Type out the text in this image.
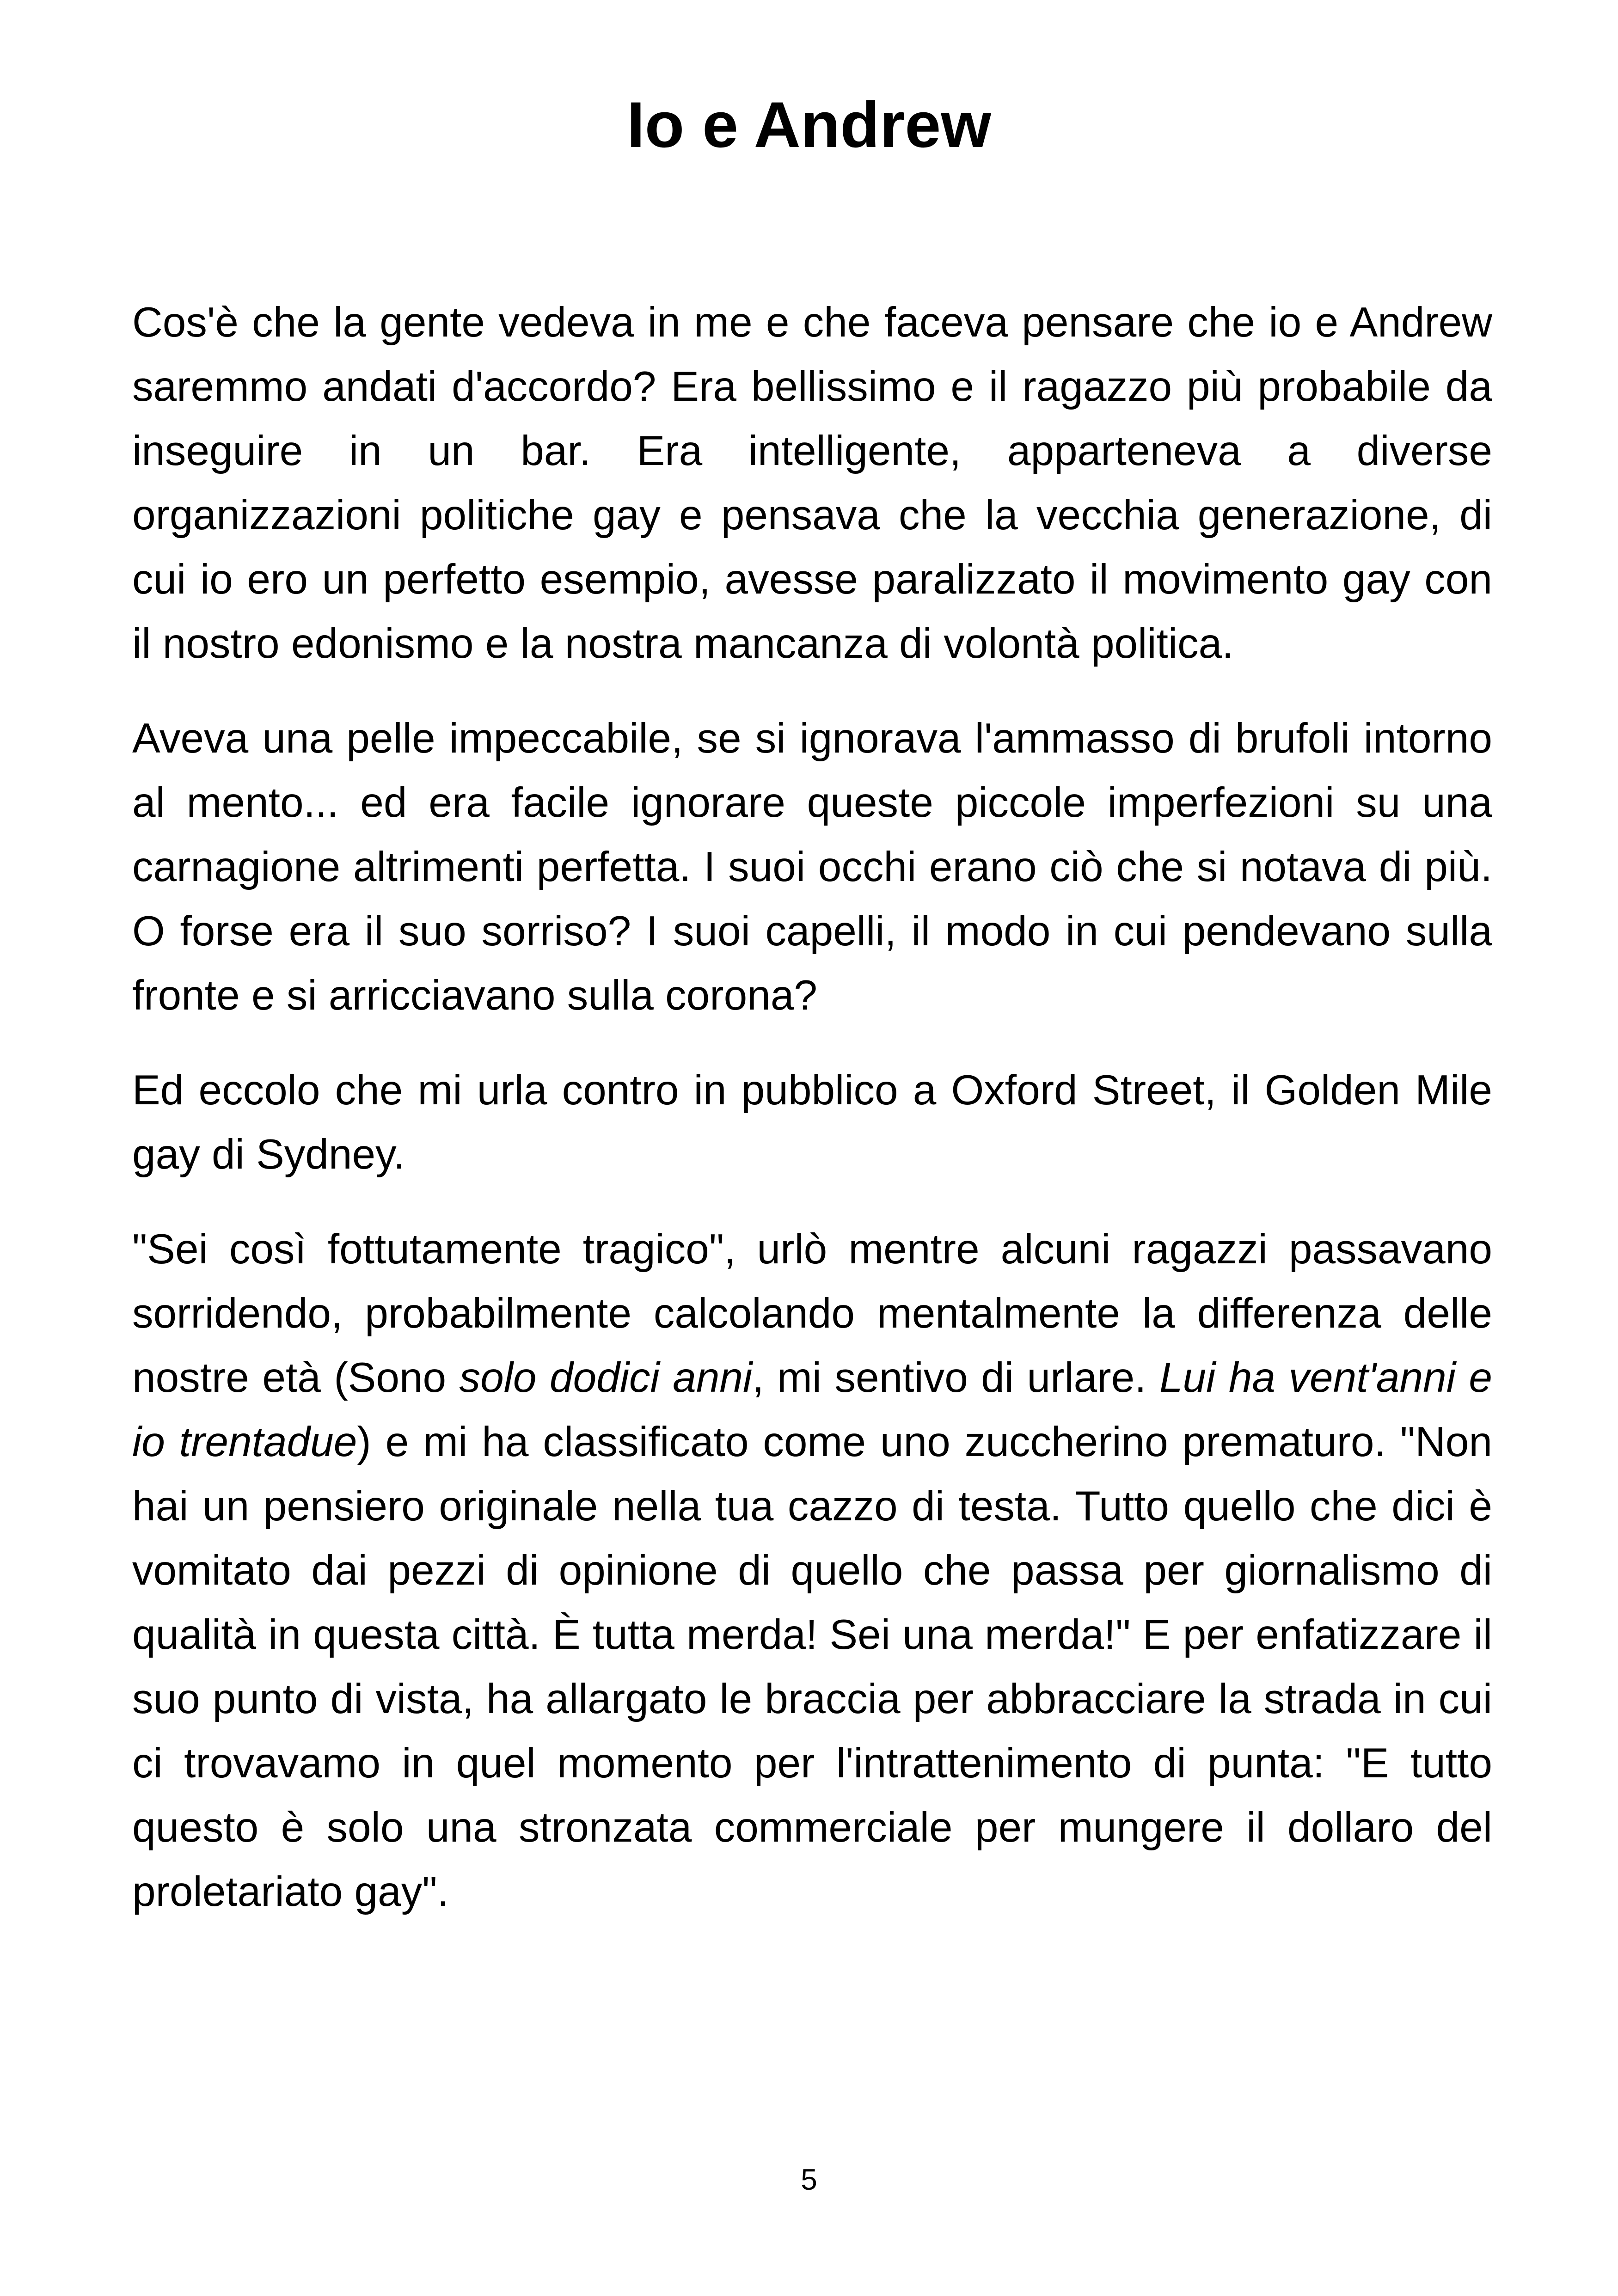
Io e Andrew

Cos'è che la gente vedeva in me e che faceva pensare che io e Andrew saremmo andati d'accordo? Era bellissimo e il ragazzo più probabile da inseguire in un bar. Era intelligente, apparteneva a diverse organizzazioni politiche gay e pensava che la vecchia generazione, di cui io ero un perfetto esempio, avesse paralizzato il movimento gay con il nostro edonismo e la nostra mancanza di volontà politica.

Aveva una pelle impeccabile, se si ignorava l'ammasso di brufoli intorno al mento... ed era facile ignorare queste piccole imperfezioni su una carnagione altrimenti perfetta. I suoi occhi erano ciò che si notava di più. O forse era il suo sorriso? I suoi capelli, il modo in cui pendevano sulla fronte e si arricciavano sulla corona?

Ed eccolo che mi urla contro in pubblico a Oxford Street, il Golden Mile gay di Sydney.

"Sei così fottutamente tragico", urlò mentre alcuni ragazzi passavano sorridendo, probabilmente calcolando mentalmente la differenza delle nostre età (Sono solo dodici anni, mi sentivo di urlare. Lui ha vent'anni e io trentadue) e mi ha classificato come uno zuccherino prematuro. "Non hai un pensiero originale nella tua cazzo di testa. Tutto quello che dici è vomitato dai pezzi di opinione di quello che passa per giornalismo di qualità in questa città. È tutta merda! Sei una merda!" E per enfatizzare il suo punto di vista, ha allargato le braccia per abbracciare la strada in cui ci trovavamo in quel momento per l'intrattenimento di punta: "E tutto questo è solo una stronzata commerciale per mungere il dollaro del proletariato gay".

5
